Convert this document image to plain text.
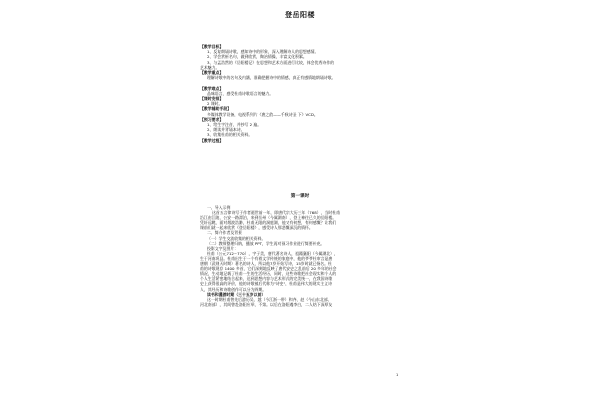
登岳阳楼

【教学目标】

1、反复朗诵诗歌，感知诗中的形象，深入理解诗人的思想感情。

2、学会赏析名句，做到欣赏，陶冶情操，丰富文化积累。

3、与孟浩然的《岳阳楼记》在思想和艺术方面进行比较，体会优秀诗作的

艺术魅力。

【教学重点】

理解诗歌中的名句及内涵，准确把握诗中的情感，真正有感情地朗诵诗歌。

【教学难点】

品味语言，感受杜甫诗歌语言的魅力。

【课时安排】

2 课时。

【教学辅助手段】

多媒体教学设备，电视系列片《唐之韵——千秋诗圣 下》VCD。

【预习要求】

1、给生字注音，并抄写 2 遍。

2、朗读并背诵本诗。

3、收集杜甫的相关资料。

【教学过程】

第一课时

一、导入示例

这首五言律诗写于作者逝世前一年，即唐代宗大历三年（768），当时杜甫

沿江由江陵、公安一路漂泊，来到岳州（今属湖南），登上神往已久的岳阳楼。

凭轩远眺，面对烟波浩渺，杜甫无限的洞庭湖，他又有何想，有何感慨？让我们

课前们就一起来欣赏《登岳阳楼》，感受诗人那悲慨深沉的情怀。

二、简介作者及背景

（一）学生交流收集的相关资料。

（二）教师整理归纳，播放 PPT，学生再对预习作业进行简要补充。

投影文字及图片：

杜甫（公元712~770），字子美，唐代著名诗人，祖籍襄阳（今属湖北），

生于河南巩县。杜甫出生于一个有着文学传统的家庭中，他的爷爷杜审言是唐

唐朝（武则天时期）著名的诗人，所以他7岁开始写诗，15岁时就已扬名。杜

甫的诗歌现存 1400 多首，它们深刻地反映了唐代安史之乱前后 20 多年的社会

情况，生动地记载了杜甫一生的生活经历，同时，这些诗歌把社会现实和个人的

个人生活紧密地结合起来，达到思想内容与艺术形式的完美统一，在我国诗歌

史上获得很高的评价，他的诗歌被后代称为"诗史"，杜甫是伟大的现实主义诗

人，其经历和诗歌创作可以分为四期。

读书和漫游时期（三十五岁以前）

这一时期杜甫曾先后游历吴、越（今江浙一带）和齐、赵（今山东北部、

河北南部），其间曾赴洛阳应举，不第。以后在洛阳遇李白，二人结下深厚友

1
